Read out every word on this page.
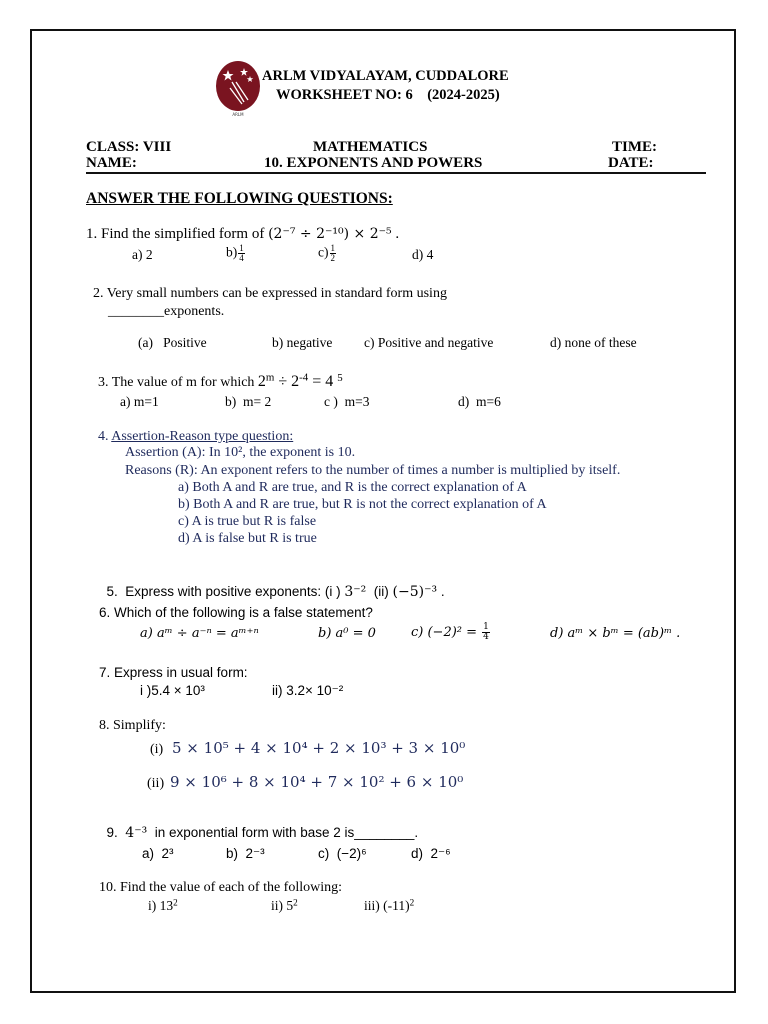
ARLM
ARLM VIDYALAYAM, CUDDALORE
WORKSHEET NO: 6    (2024-2025)
CLASS: VIII
NAME:
MATHEMATICS
10. EXPONENTS AND POWERS
TIME:
DATE:
ANSWER THE FOLLOWING QUESTIONS:
1. Find the simplified form of (2⁻⁷ ÷ 2⁻¹⁰) × 2⁻⁵ .
a) 2	$b) \frac{1}{4}$	$c) \frac{1}{2}$	d) 4
2. Very small numbers can be expressed in standard form using
________exponents.
(a)   Positive	b) negative c) Positive and negative	d) none of these
3. The value of m for which $2^m \div 2^{-4} = 4$ $^5$
a) m=1	b)  m= 2	c )  m=3	d)  m=6
4. Assertion-Reason type question:
Assertion (A): In 10², the exponent is 10.
Reasons (R): An exponent refers to the number of times a number is multiplied by itself.
a) Both A and R are true, and R is the correct explanation of A
b) Both A and R are true, but R is not the correct explanation of A
c) A is true but R is false
d) A is false but R is true

5.  Express with positive exponents: (i ) 3⁻²  (ii) (−5)⁻³ .

6. Which of the following is a false statement?
a) aᵐ ÷ a⁻ⁿ = aᵐ⁺ⁿ	b) a⁰ = 0	c) $(-2)^2 = \frac{1}{4}$	d) aᵐ × bᵐ = (ab)ᵐ .
7. Express in usual form:
i )5.4 × 10³	ii) 3.2× 10⁻²
8. Simplify:
(i) 5 × 10⁵ + 4 × 10⁴ + 2 × 10³ + 3 × 10⁰
(ii) 9 × 10⁶ + 8 × 10⁴ + 7 × 10² + 6 × 10⁰

9.  4⁻³  in exponential form with base 2 is________.

a)  2³	b)  2⁻³	c)  (−2)⁶	d)  2⁻⁶
10. Find the value of each of the following:
i) $13^2$	ii) $5^2$	iii) $(-11)^2$
